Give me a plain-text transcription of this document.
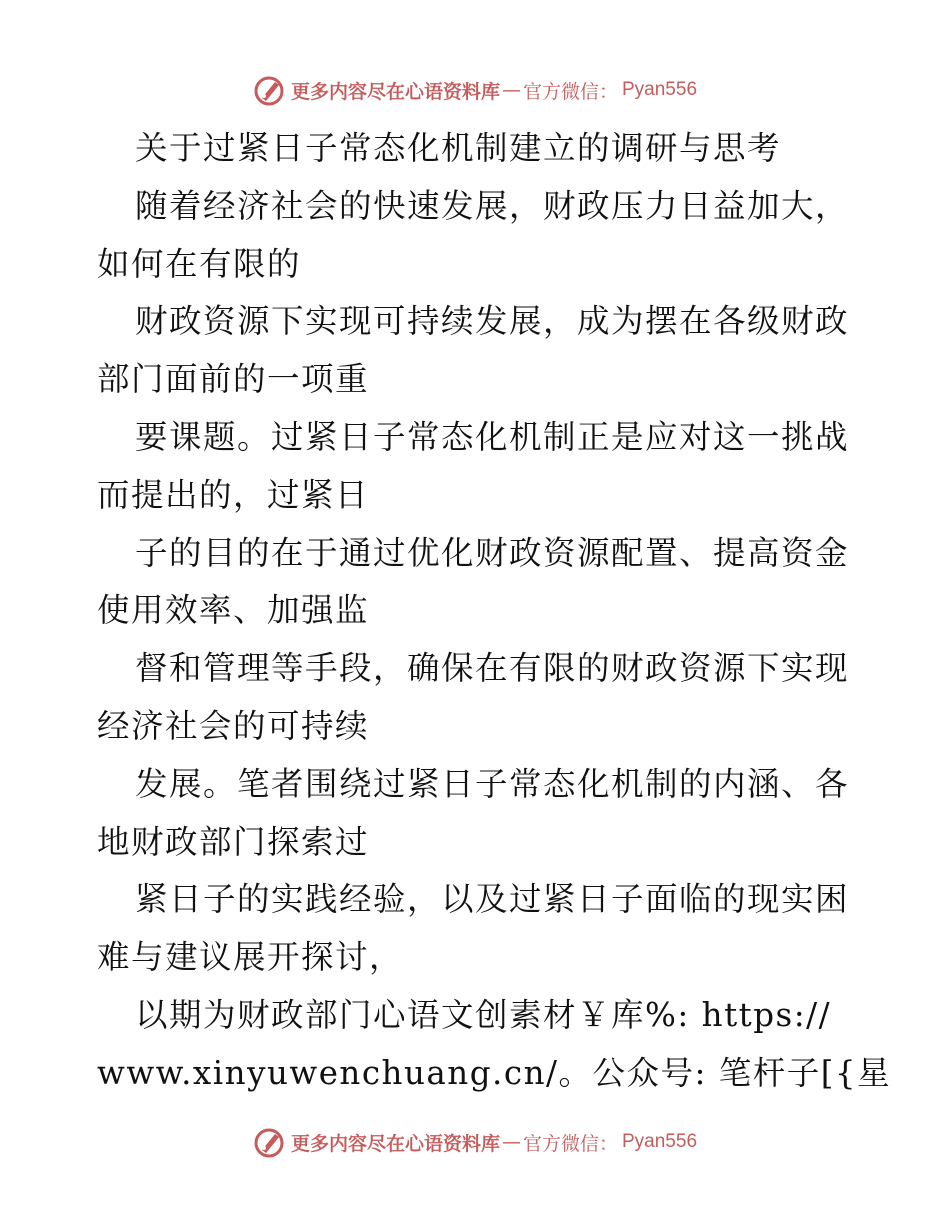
更多内容尽在心语资料库 — 官方微信： Pyan556
关于过紧日子常态化机制建立的调研与思考
随着经济社会的快速发展，财政压力日益加大，
如何在有限的
财政资源下实现可持续发展，成为摆在各级财政
部门面前的一项重
要课题。过紧日子常态化机制正是应对这一挑战
而提出的，过紧日
子的目的在于通过优化财政资源配置、提高资金
使用效率、加强监
督和管理等手段，确保在有限的财政资源下实现
经济社会的可持续
发展。笔者围绕过紧日子常态化机制的内涵、各
地财政部门探索过
紧日子的实践经验，以及过紧日子面临的现实困
难与建议展开探讨，
以期为财政部门心语文创素材￥库%: https://
www.xinyuwenchuang.cn/。公众号: 笔杆子[{星
更多内容尽在心语资料库 — 官方微信： Pyan556
